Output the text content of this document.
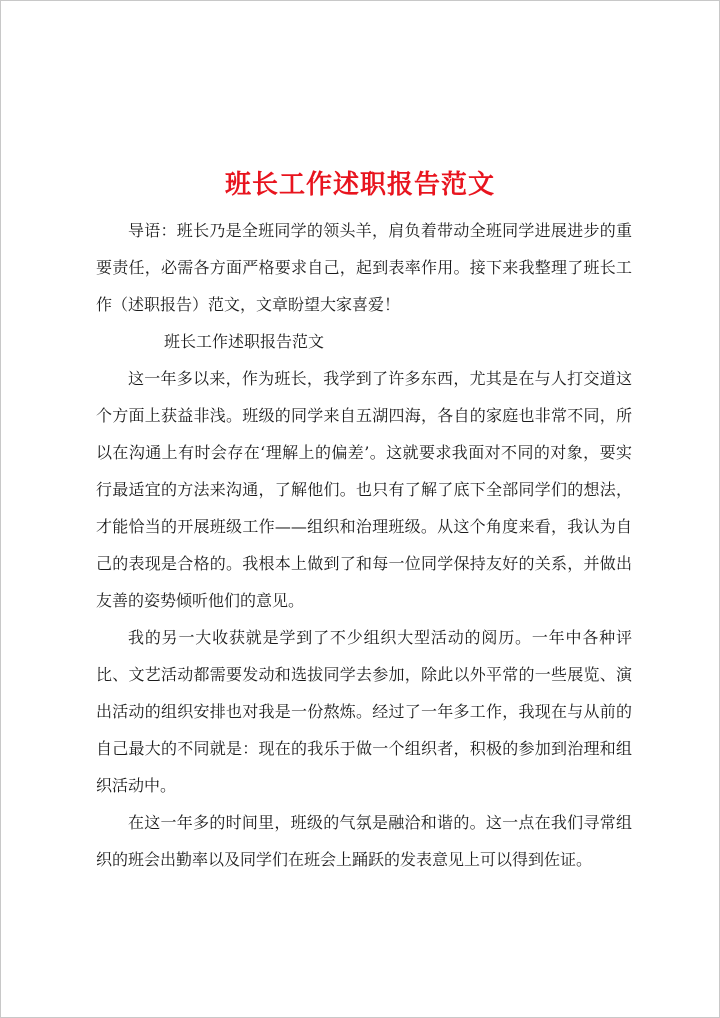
班长工作述职报告范文

导语：班长乃是全班同学的领头羊，肩负着带动全班同学进展进步的重要责任，必需各方面严格要求自己，起到表率作用。接下来我整理了班长工作（述职报告）范文，文章盼望大家喜爱！

班长工作述职报告范文

这一年多以来，作为班长，我学到了许多东西，尤其是在与人打交道这个方面上获益非浅。班级的同学来自五湖四海，各自的家庭也非常不同，所以在沟通上有时会存在‘理解上的偏差’。这就要求我面对不同的对象，要实行最适宜的方法来沟通，了解他们。也只有了解了底下全部同学们的想法，才能恰当的开展班级工作——组织和治理班级。从这个角度来看，我认为自己的表现是合格的。我根本上做到了和每一位同学保持友好的关系，并做出友善的姿势倾听他们的意见。

我的另一大收获就是学到了不少组织大型活动的阅历。一年中各种评比、文艺活动都需要发动和选拔同学去参加，除此以外平常的一些展览、演出活动的组织安排也对我是一份熬炼。经过了一年多工作，我现在与从前的自己最大的不同就是：现在的我乐于做一个组织者，积极的参加到治理和组织活动中。

在这一年多的时间里，班级的气氛是融洽和谐的。这一点在我们寻常组织的班会出勤率以及同学们在班会上踊跃的发表意见上可以得到佐证。
